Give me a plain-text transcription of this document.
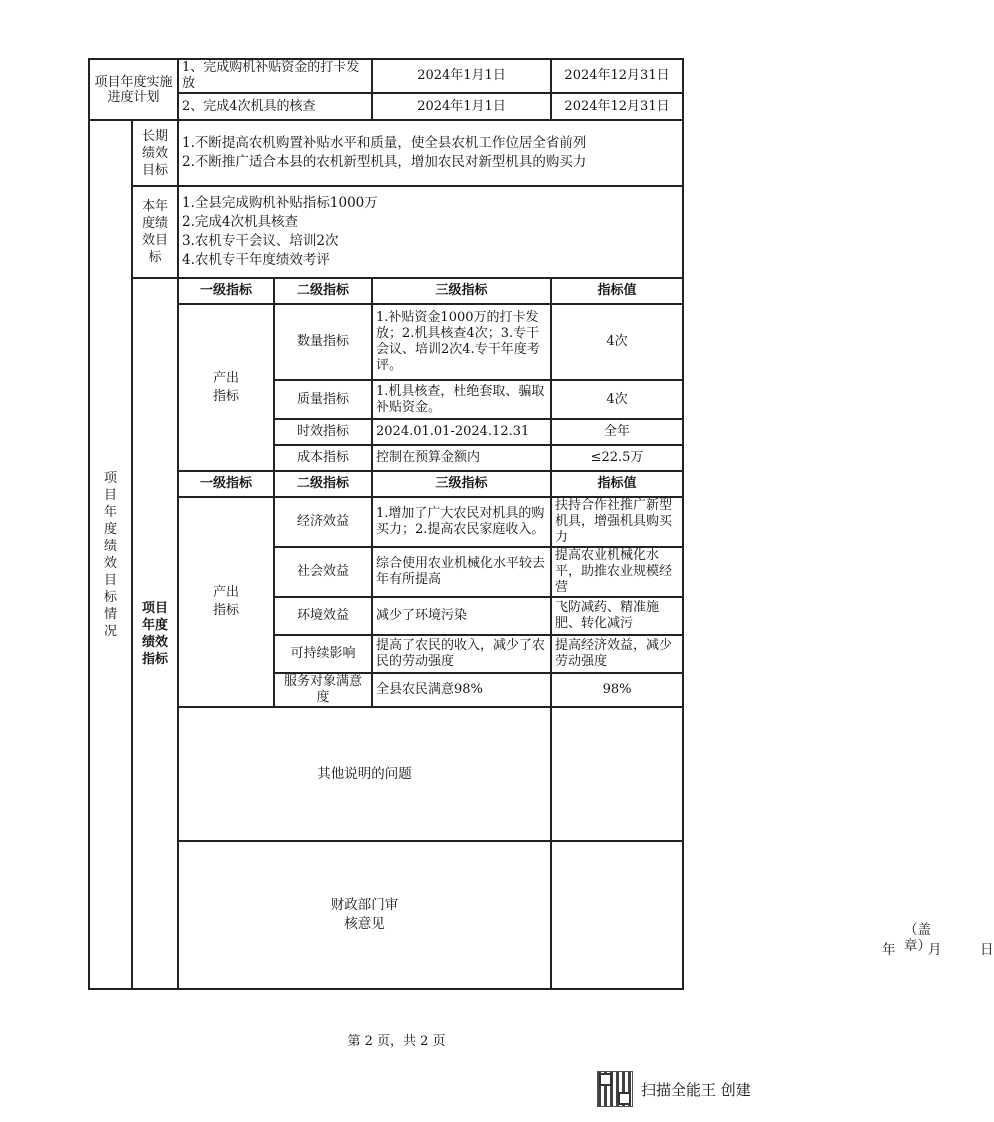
项目年度实施进度计划		1、完成购机补贴资金的打卡发放		2024年1月1日	2024年12月31日
		2、完成4次机具的核查		2024年1月1日	2024年12月31日

项目年度绩效目标情况	长期绩效目标	1.不断提高农机购置补贴水平和质量，使全县农机工作位居全省前列
2.不断推广适合本县的农机新型机具，增加农民对新型机具的购买力			

	本年度绩效目标	1.全县完成购机补贴指标1000万
2.完成4次机具核查
3.农机专干会议、培训2次
4.农机专干年度绩效考评			

	项目年度绩效指标	一级指标	二级指标	三级指标	指标值

		产出指标	数量指标	1.补贴资金1000万的打卡发放；2.机具核查4次；3.专干会议、培训2次4.专干年度考评。	4次
			质量指标	1.机具核查，杜绝套取、骗取补贴资金。	4次
			时效指标	2024.01.01-2024.12.31	全年
			成本指标	控制在预算金额内	≤22.5万
		一级指标	二级指标	三级指标	指标值

		产出指标	经济效益	1.增加了广大农民对机具的购买力；2.提高农民家庭收入。	扶持合作社推广新型机具，增强机具购买力
			社会效益	综合使用农业机械化水平较去年有所提高	提高农业机械化水平，助推农业规模经营
			环境效益	减少了环境污染	飞防减药、精准施肥、转化减污
			可持续影响	提高了农民的收入，减少了农民的劳动强度	提高经济效益，减少劳动强度
			服务对象满意度	全县农民满意98%	98%
		其他说明的问题			

		财政部门审核意见			（盖章）
年 月 日
第 2 页，共 2 页
扫描全能王 创建
